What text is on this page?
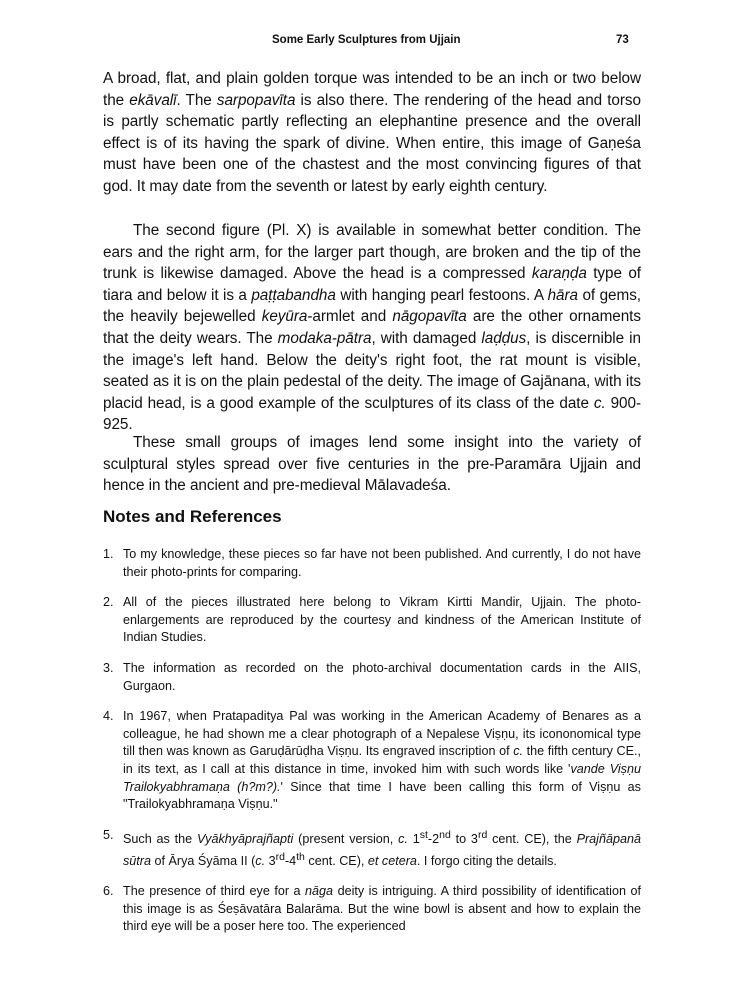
Some Early Sculptures from Ujjain	73

A broad, flat, and plain golden torque was intended to be an inch or two below the ekāvalī. The sarpopavīta is also there. The rendering of the head and torso is partly schematic partly reflecting an elephantine presence and the overall effect is of its having the spark of divine. When entire, this image of Gaṇeśa must have been one of the chastest and the most convincing figures of that god. It may date from the seventh or latest by early eighth century.

The second figure (Pl. X) is available in somewhat better condition. The ears and the right arm, for the larger part though, are broken and the tip of the trunk is likewise damaged. Above the head is a compressed karaṇḍa type of tiara and below it is a paṭṭabandha with hanging pearl festoons. A hāra of gems, the heavily bejewelled keyūra-armlet and nāgopavīta are the other ornaments that the deity wears. The modaka-pātra, with damaged laḍḍus, is discernible in the image's left hand. Below the deity's right foot, the rat mount is visible, seated as it is on the plain pedestal of the deity. The image of Gajānana, with its placid head, is a good example of the sculptures of its class of the date c. 900-925.

These small groups of images lend some insight into the variety of sculptural styles spread over five centuries in the pre-Paramāra Ujjain and hence in the ancient and pre-medieval Mālavadeśa.

Notes and References
1. To my knowledge, these pieces so far have not been published. And currently, I do not have their photo-prints for comparing.
2. All of the pieces illustrated here belong to Vikram Kirtti Mandir, Ujjain. The photo-enlargements are reproduced by the courtesy and kindness of the American Institute of Indian Studies.
3. The information as recorded on the photo-archival documentation cards in the AIIS, Gurgaon.
4. In 1967, when Pratapaditya Pal was working in the American Academy of Benares as a colleague, he had shown me a clear photograph of a Nepalese Viṣṇu, its icononomical type till then was known as Garuḍārūḍha Viṣṇu. Its engraved inscription of c. the fifth century CE., in its text, as I call at this distance in time, invoked him with such words like 'vande Viṣṇu Trailokyabhramaṇa (h?m?).' Since that time I have been calling this form of Viṣṇu as "Trailokyabhramaṇa Viṣṇu."
5. Such as the Vyākhyāprajñapti (present version, c. 1st-2nd to 3rd cent. CE), the Prajñāpanā sūtra of Ārya Śyāma II (c. 3rd-4th cent. CE), et cetera. I forgo citing the details.
6. The presence of third eye for a nāga deity is intriguing. A third possibility of identification of this image is as Śeṣāvatāra Balarāma. But the wine bowl is absent and how to explain the third eye will be a poser here too. The experienced
